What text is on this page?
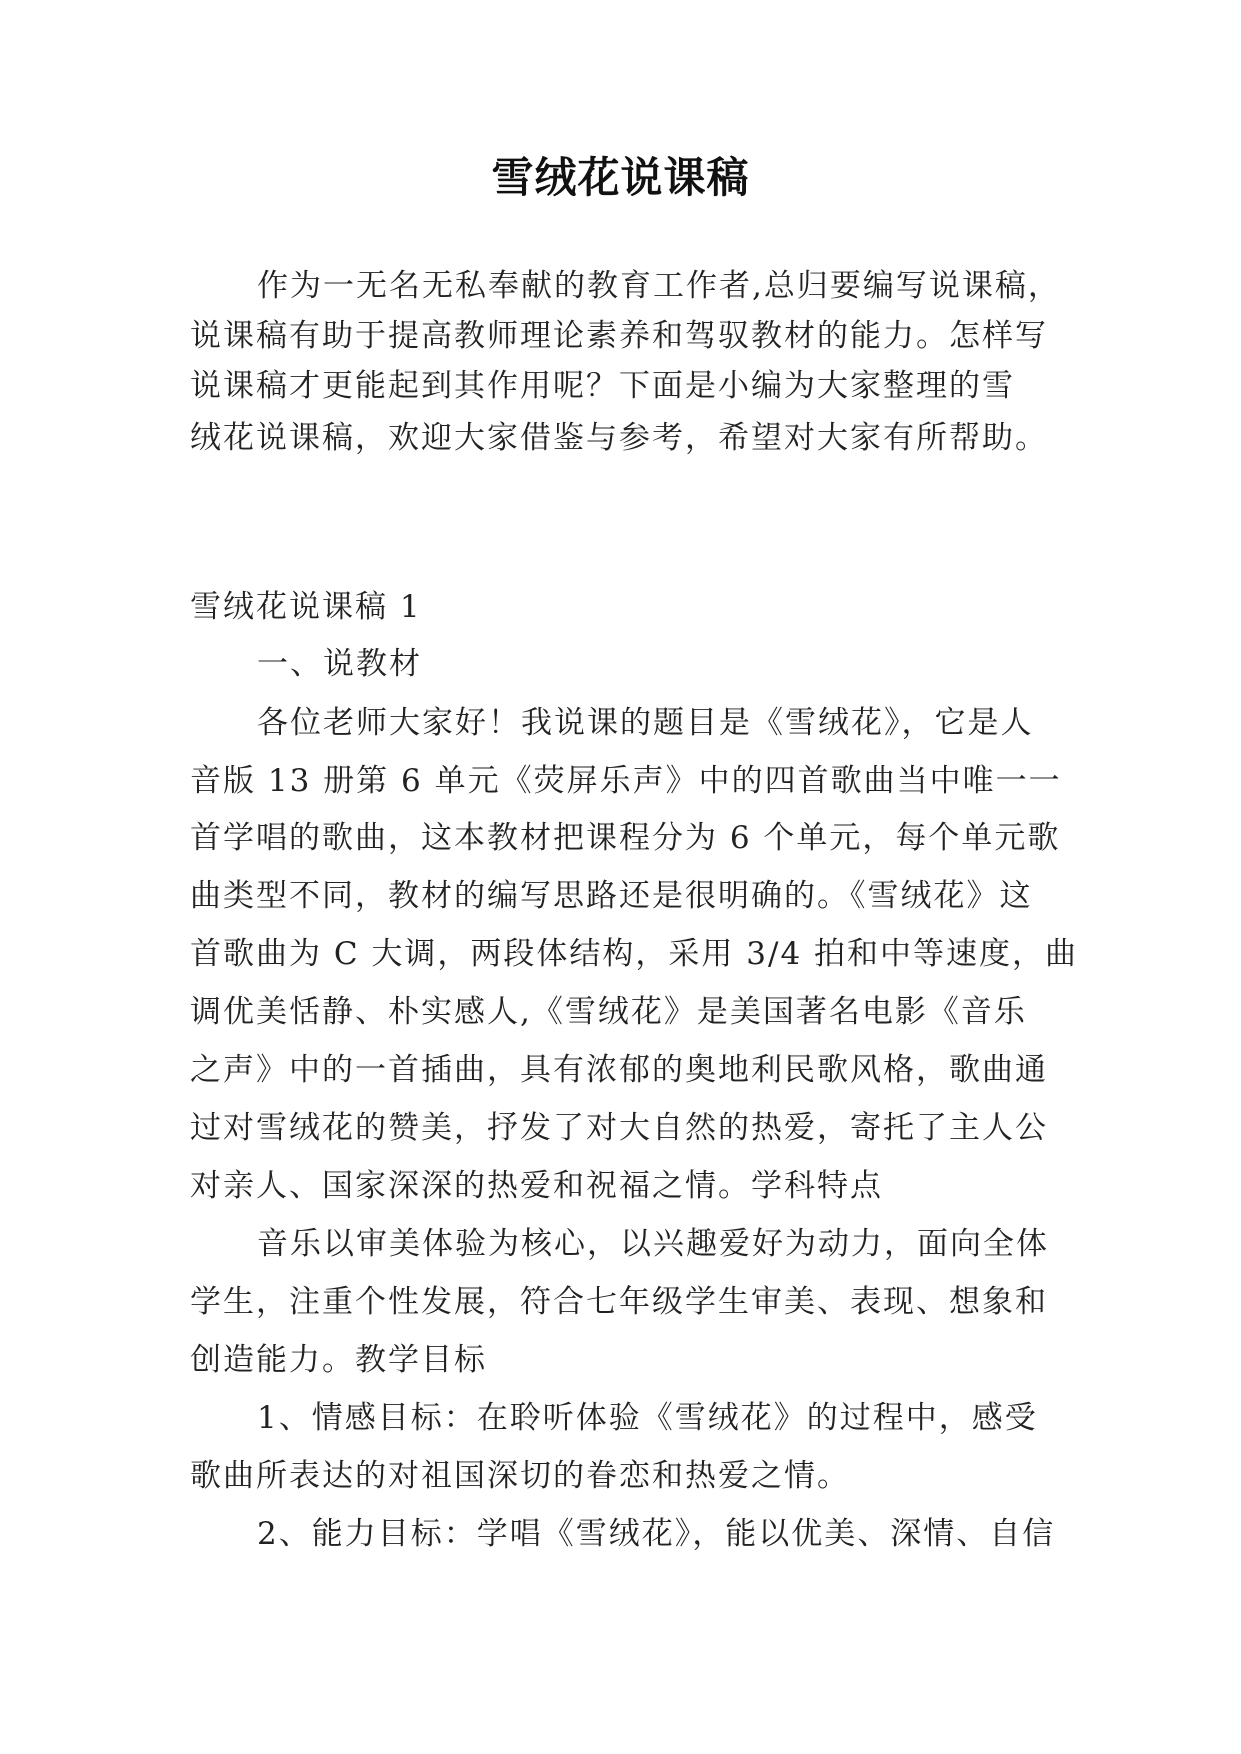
雪绒花说课稿
作为一无名无私奉献的教育工作者,总归要编写说课稿，
说课稿有助于提高教师理论素养和驾驭教材的能力。怎样写
说课稿才更能起到其作用呢？下面是小编为大家整理的雪
绒花说课稿，欢迎大家借鉴与参考，希望对大家有所帮助。
雪绒花说课稿 1
一、说教材
各位老师大家好！我说课的题目是《雪绒花》，它是人
音版 13 册第 6 单元《荧屏乐声》中的四首歌曲当中唯一一
首学唱的歌曲，这本教材把课程分为 6 个单元，每个单元歌
曲类型不同，教材的编写思路还是很明确的。《雪绒花》这
首歌曲为 C 大调，两段体结构，采用 3/4 拍和中等速度，曲
调优美恬静、朴实感人,《雪绒花》是美国著名电影《音乐
之声》中的一首插曲，具有浓郁的奥地利民歌风格，歌曲通
过对雪绒花的赞美，抒发了对大自然的热爱，寄托了主人公
对亲人、国家深深的热爱和祝福之情。学科特点
音乐以审美体验为核心，以兴趣爱好为动力，面向全体
学生，注重个性发展，符合七年级学生审美、表现、想象和
创造能力。教学目标
1、情感目标：在聆听体验《雪绒花》的过程中，感受
歌曲所表达的对祖国深切的眷恋和热爱之情。
2、能力目标：学唱《雪绒花》，能以优美、深情、自信
